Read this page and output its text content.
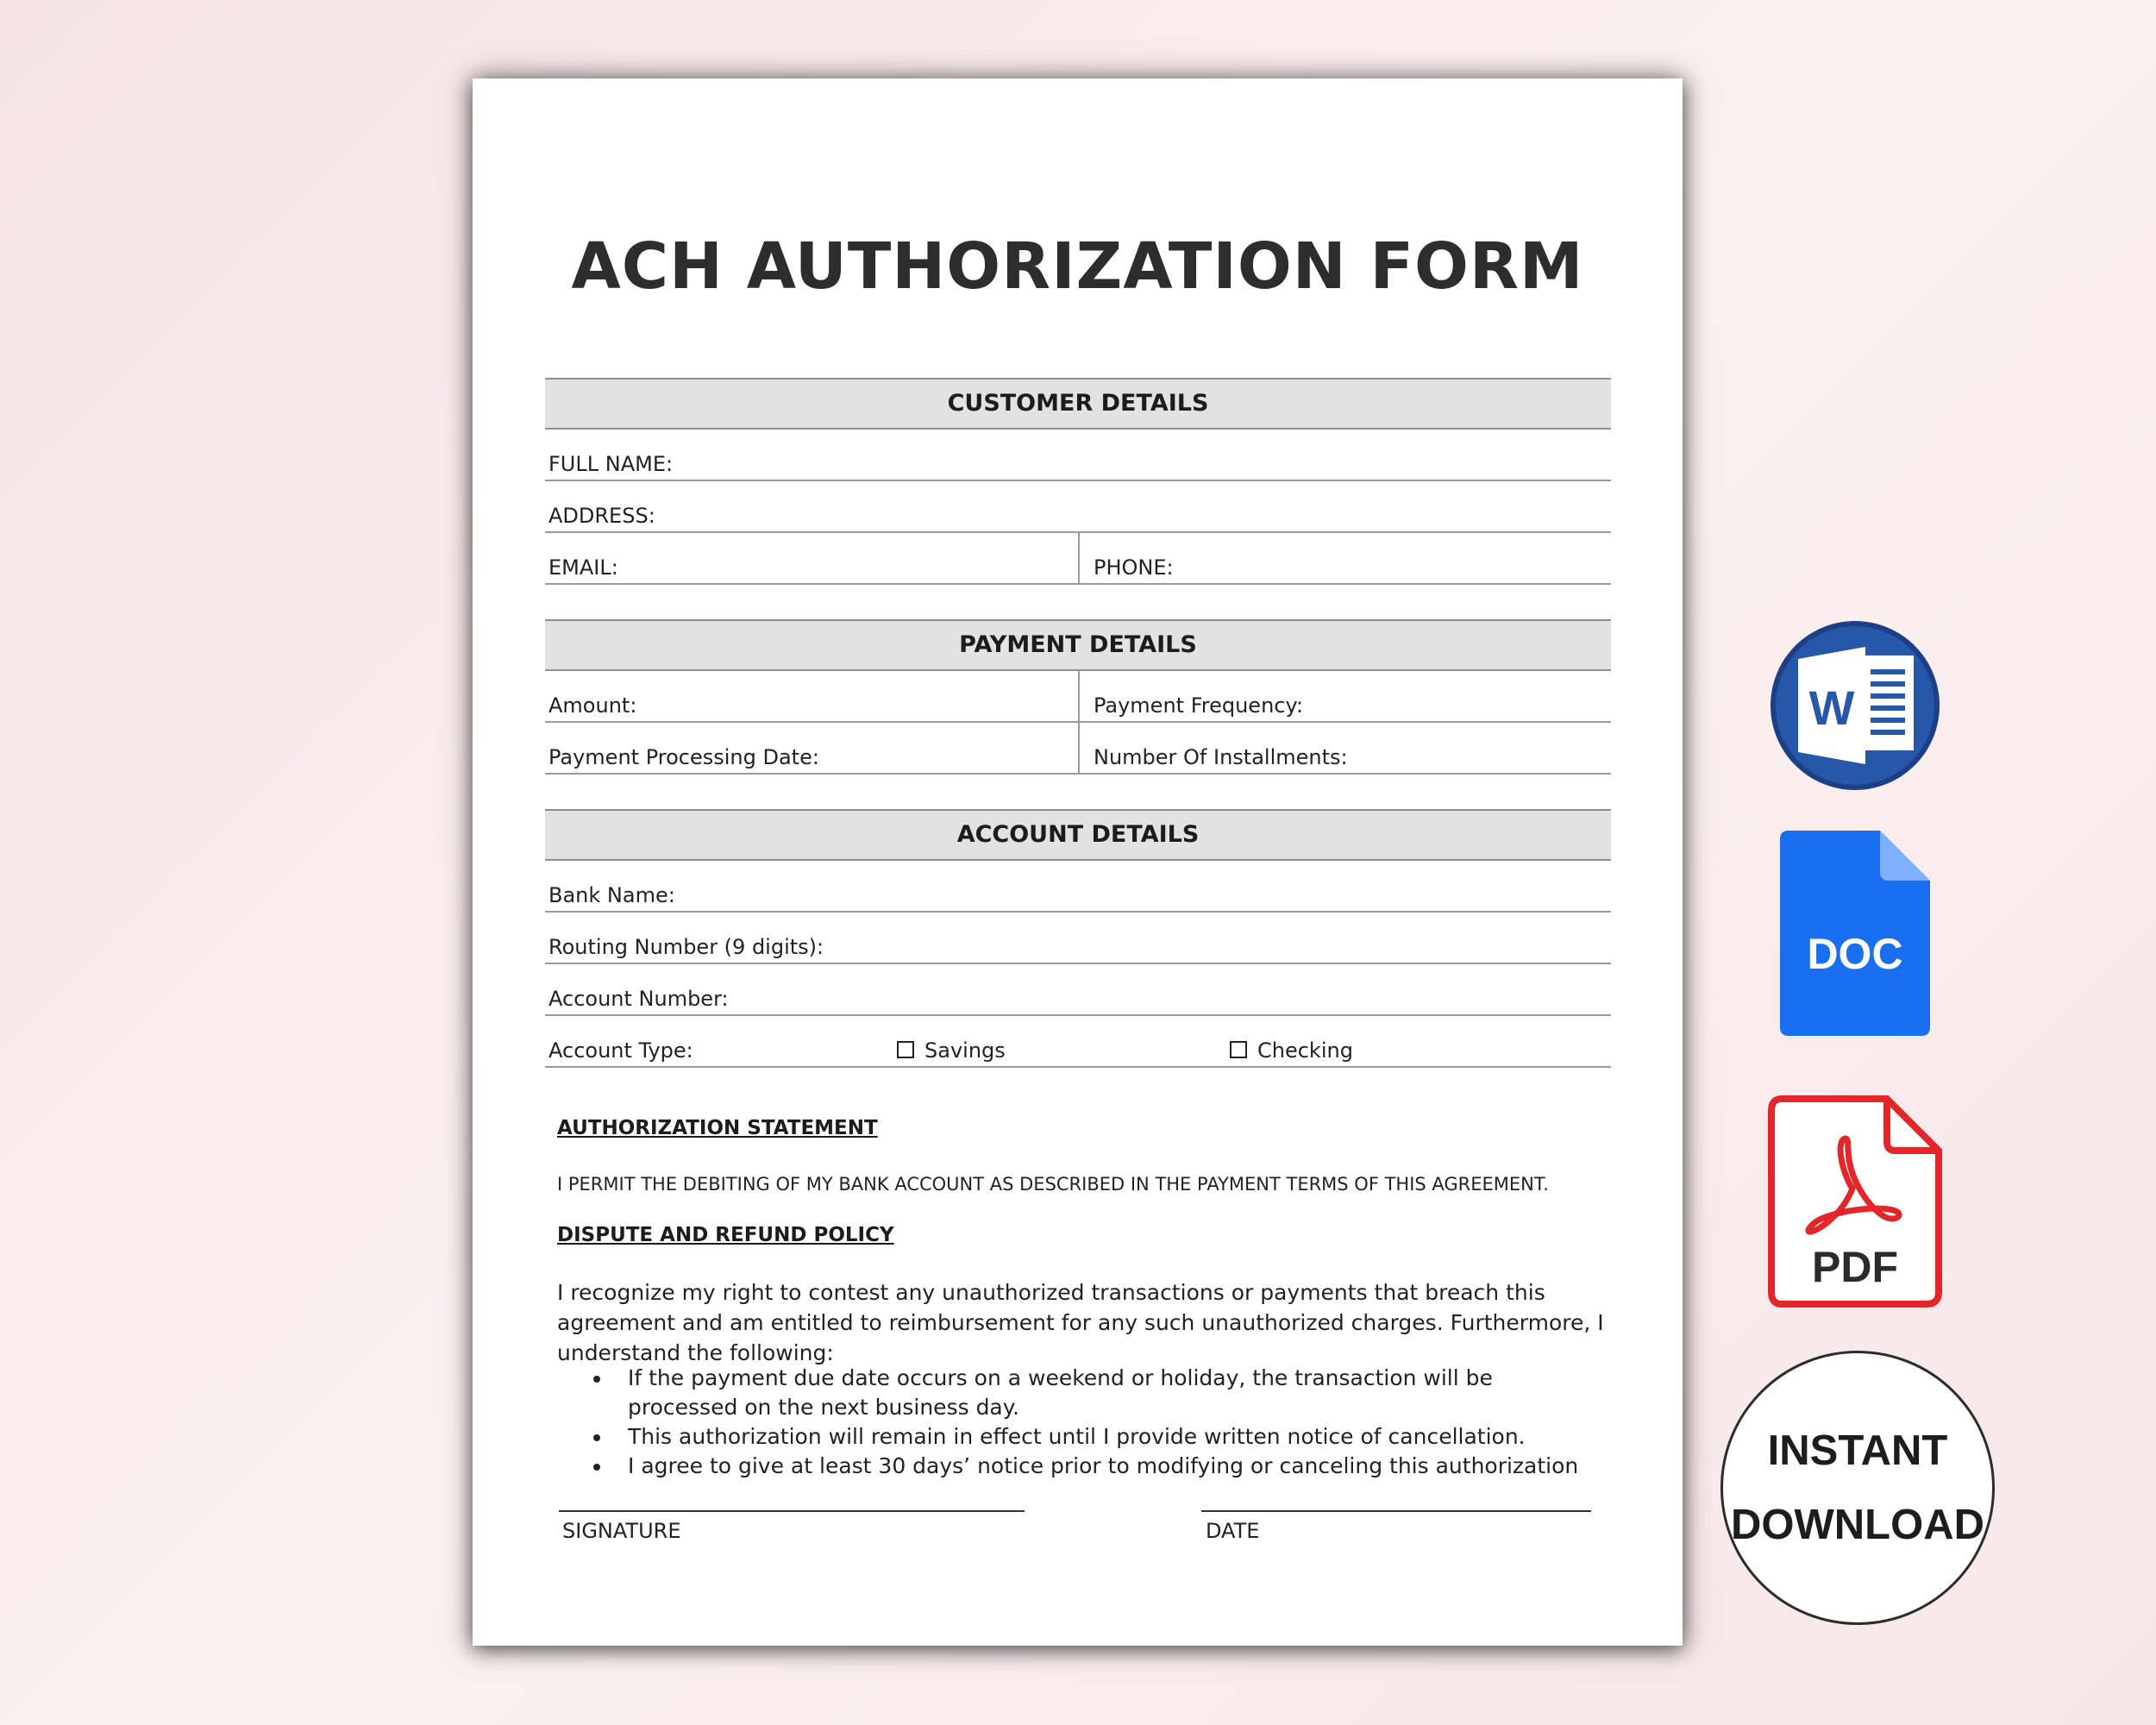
ACH AUTHORIZATION FORM
CUSTOMER DETAILS
FULL NAME:
ADDRESS:
EMAIL:	PHONE:
PAYMENT DETAILS
Amount:	Payment Frequency:
Payment Processing Date:	Number Of Installments:
ACCOUNT DETAILS
Bank Name:
Routing Number (9 digits):
Account Number:
Account Type:	Savings	Checking
AUTHORIZATION STATEMENT
I PERMIT THE DEBITING OF MY BANK ACCOUNT AS DESCRIBED IN THE PAYMENT TERMS OF THIS AGREEMENT.
DISPUTE AND REFUND POLICY
I recognize my right to contest any unauthorized transactions or payments that breach this agreement and am entitled to reimbursement for any such unauthorized charges. Furthermore, I understand the following:
If the payment due date occurs on a weekend or holiday, the transaction will be processed on the next business day.
This authorization will remain in effect until I provide written notice of cancellation.
I agree to give at least 30 days’ notice prior to modifying or canceling this authorization
SIGNATURE	DATE
W
DOC
PDF
INSTANT
DOWNLOAD
